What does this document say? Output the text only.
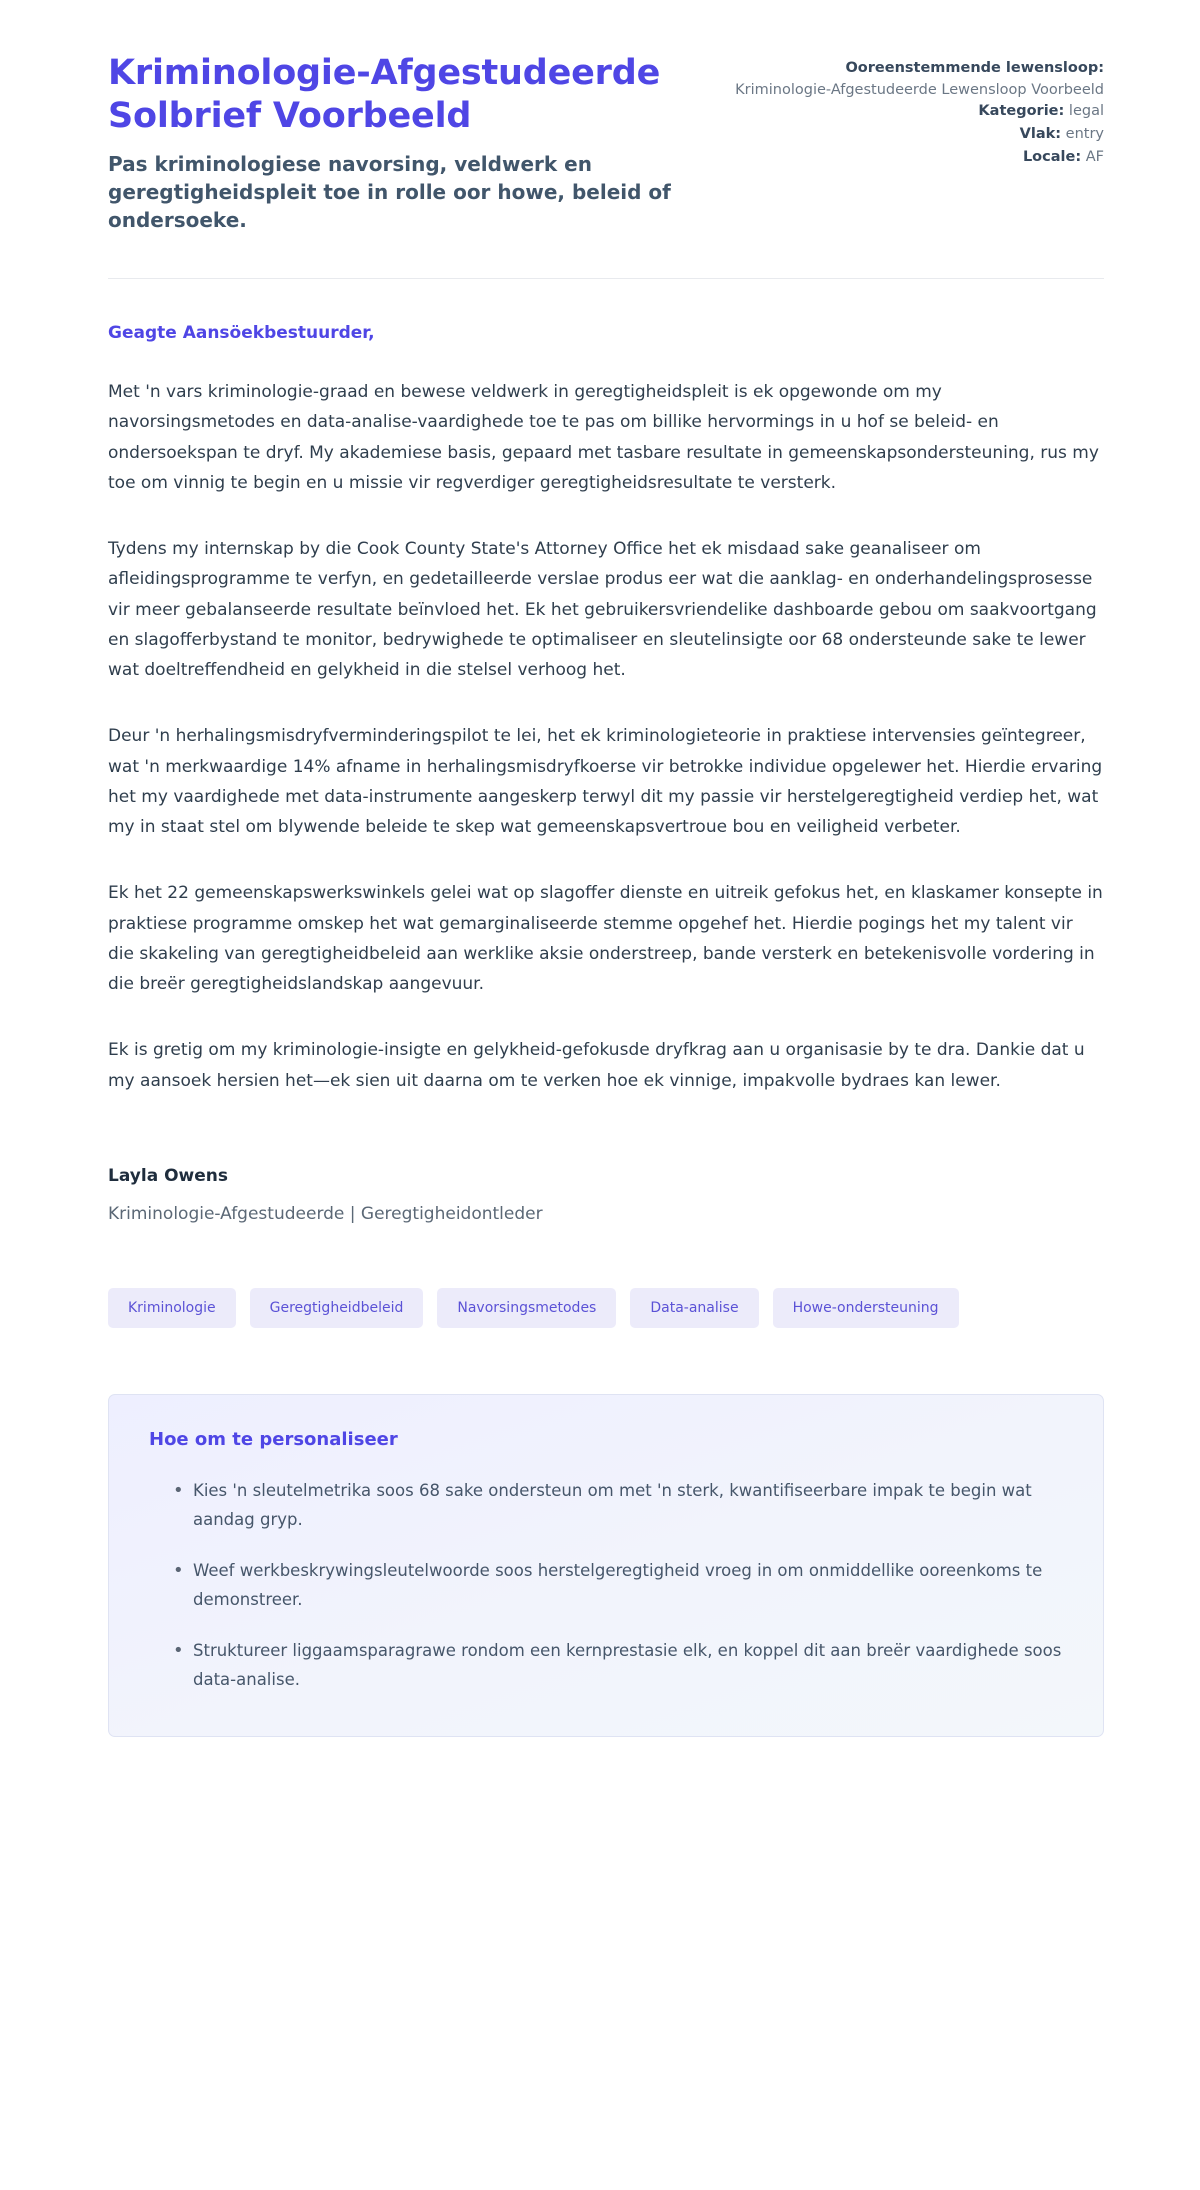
Kriminologie-Afgestudeerde Solbrief Voorbeeld

Pas kriminologiese navorsing, veldwerk en geregtigheidspleit toe in rolle oor howe, beleid of ondersoeke.

Ooreenstemmende lewensloop:
Kriminologie-Afgestudeerde Lewensloop Voorbeeld
Kategorie: legal
Vlak: entry
Locale: AF

Geagte Aansöekbestuurder,

Met 'n vars kriminologie-graad en bewese veldwerk in geregtigheidspleit is ek opgewonde om my navorsingsmetodes en data-analise-vaardighede toe te pas om billike hervormings in u hof se beleid- en ondersoekspan te dryf. My akademiese basis, gepaard met tasbare resultate in gemeenskapsondersteuning, rus my toe om vinnig te begin en u missie vir regverdiger geregtigheidsresultate te versterk.

Tydens my internskap by die Cook County State's Attorney Office het ek misdaad sake geanaliseer om afleidingsprogramme te verfyn, en gedetailleerde verslae produs eer wat die aanklag- en onderhandelingsprosesse vir meer gebalanseerde resultate beïnvloed het. Ek het gebruikersvriendelike dashboarde gebou om saakvoortgang en slagofferbystand te monitor, bedrywighede te optimaliseer en sleutelinsigte oor 68 ondersteunde sake te lewer wat doeltreffendheid en gelykheid in die stelsel verhoog het.

Deur 'n herhalingsmisdryfverminderingspilot te lei, het ek kriminologieteorie in praktiese intervensies geïntegreer, wat 'n merkwaardige 14% afname in herhalingsmisdryfkoerse vir betrokke individue opgelewer het. Hierdie ervaring het my vaardighede met data-instrumente aangeskerp terwyl dit my passie vir herstelgeregtigheid verdiep het, wat my in staat stel om blywende beleide te skep wat gemeenskapsvertroue bou en veiligheid verbeter.

Ek het 22 gemeenskapswerkswinkels gelei wat op slagoffer dienste en uitreik gefokus het, en klaskamer konsepte in praktiese programme omskep het wat gemarginaliseerde stemme opgehef het. Hierdie pogings het my talent vir die skakeling van geregtigheidbeleid aan werklike aksie onderstreep, bande versterk en betekenisvolle vordering in die breër geregtigheidslandskap aangevuur.

Ek is gretig om my kriminologie-insigte en gelykheid-gefokusde dryfkrag aan u organisasie by te dra. Dankie dat u my aansoek hersien het—ek sien uit daarna om te verken hoe ek vinnige, impakvolle bydraes kan lewer.

Layla Owens

Kriminologie-Afgestudeerde | Geregtigheidontleder

Kriminologie	Geregtigheidbeleid	Navorsingsmetodes	Data-analise	Howe-ondersteuning
Hoe om te personaliseer
• Kies 'n sleutelmetrika soos 68 sake ondersteun om met 'n sterk, kwantifiseerbare impak te begin wat aandag gryp.
• Weef werkbeskrywingsleutelwoorde soos herstelgeregtigheid vroeg in om onmiddellike ooreenkoms te demonstreer.
• Struktureer liggaamsparagrawe rondom een kernprestasie elk, en koppel dit aan breër vaardighede soos data-analise.
